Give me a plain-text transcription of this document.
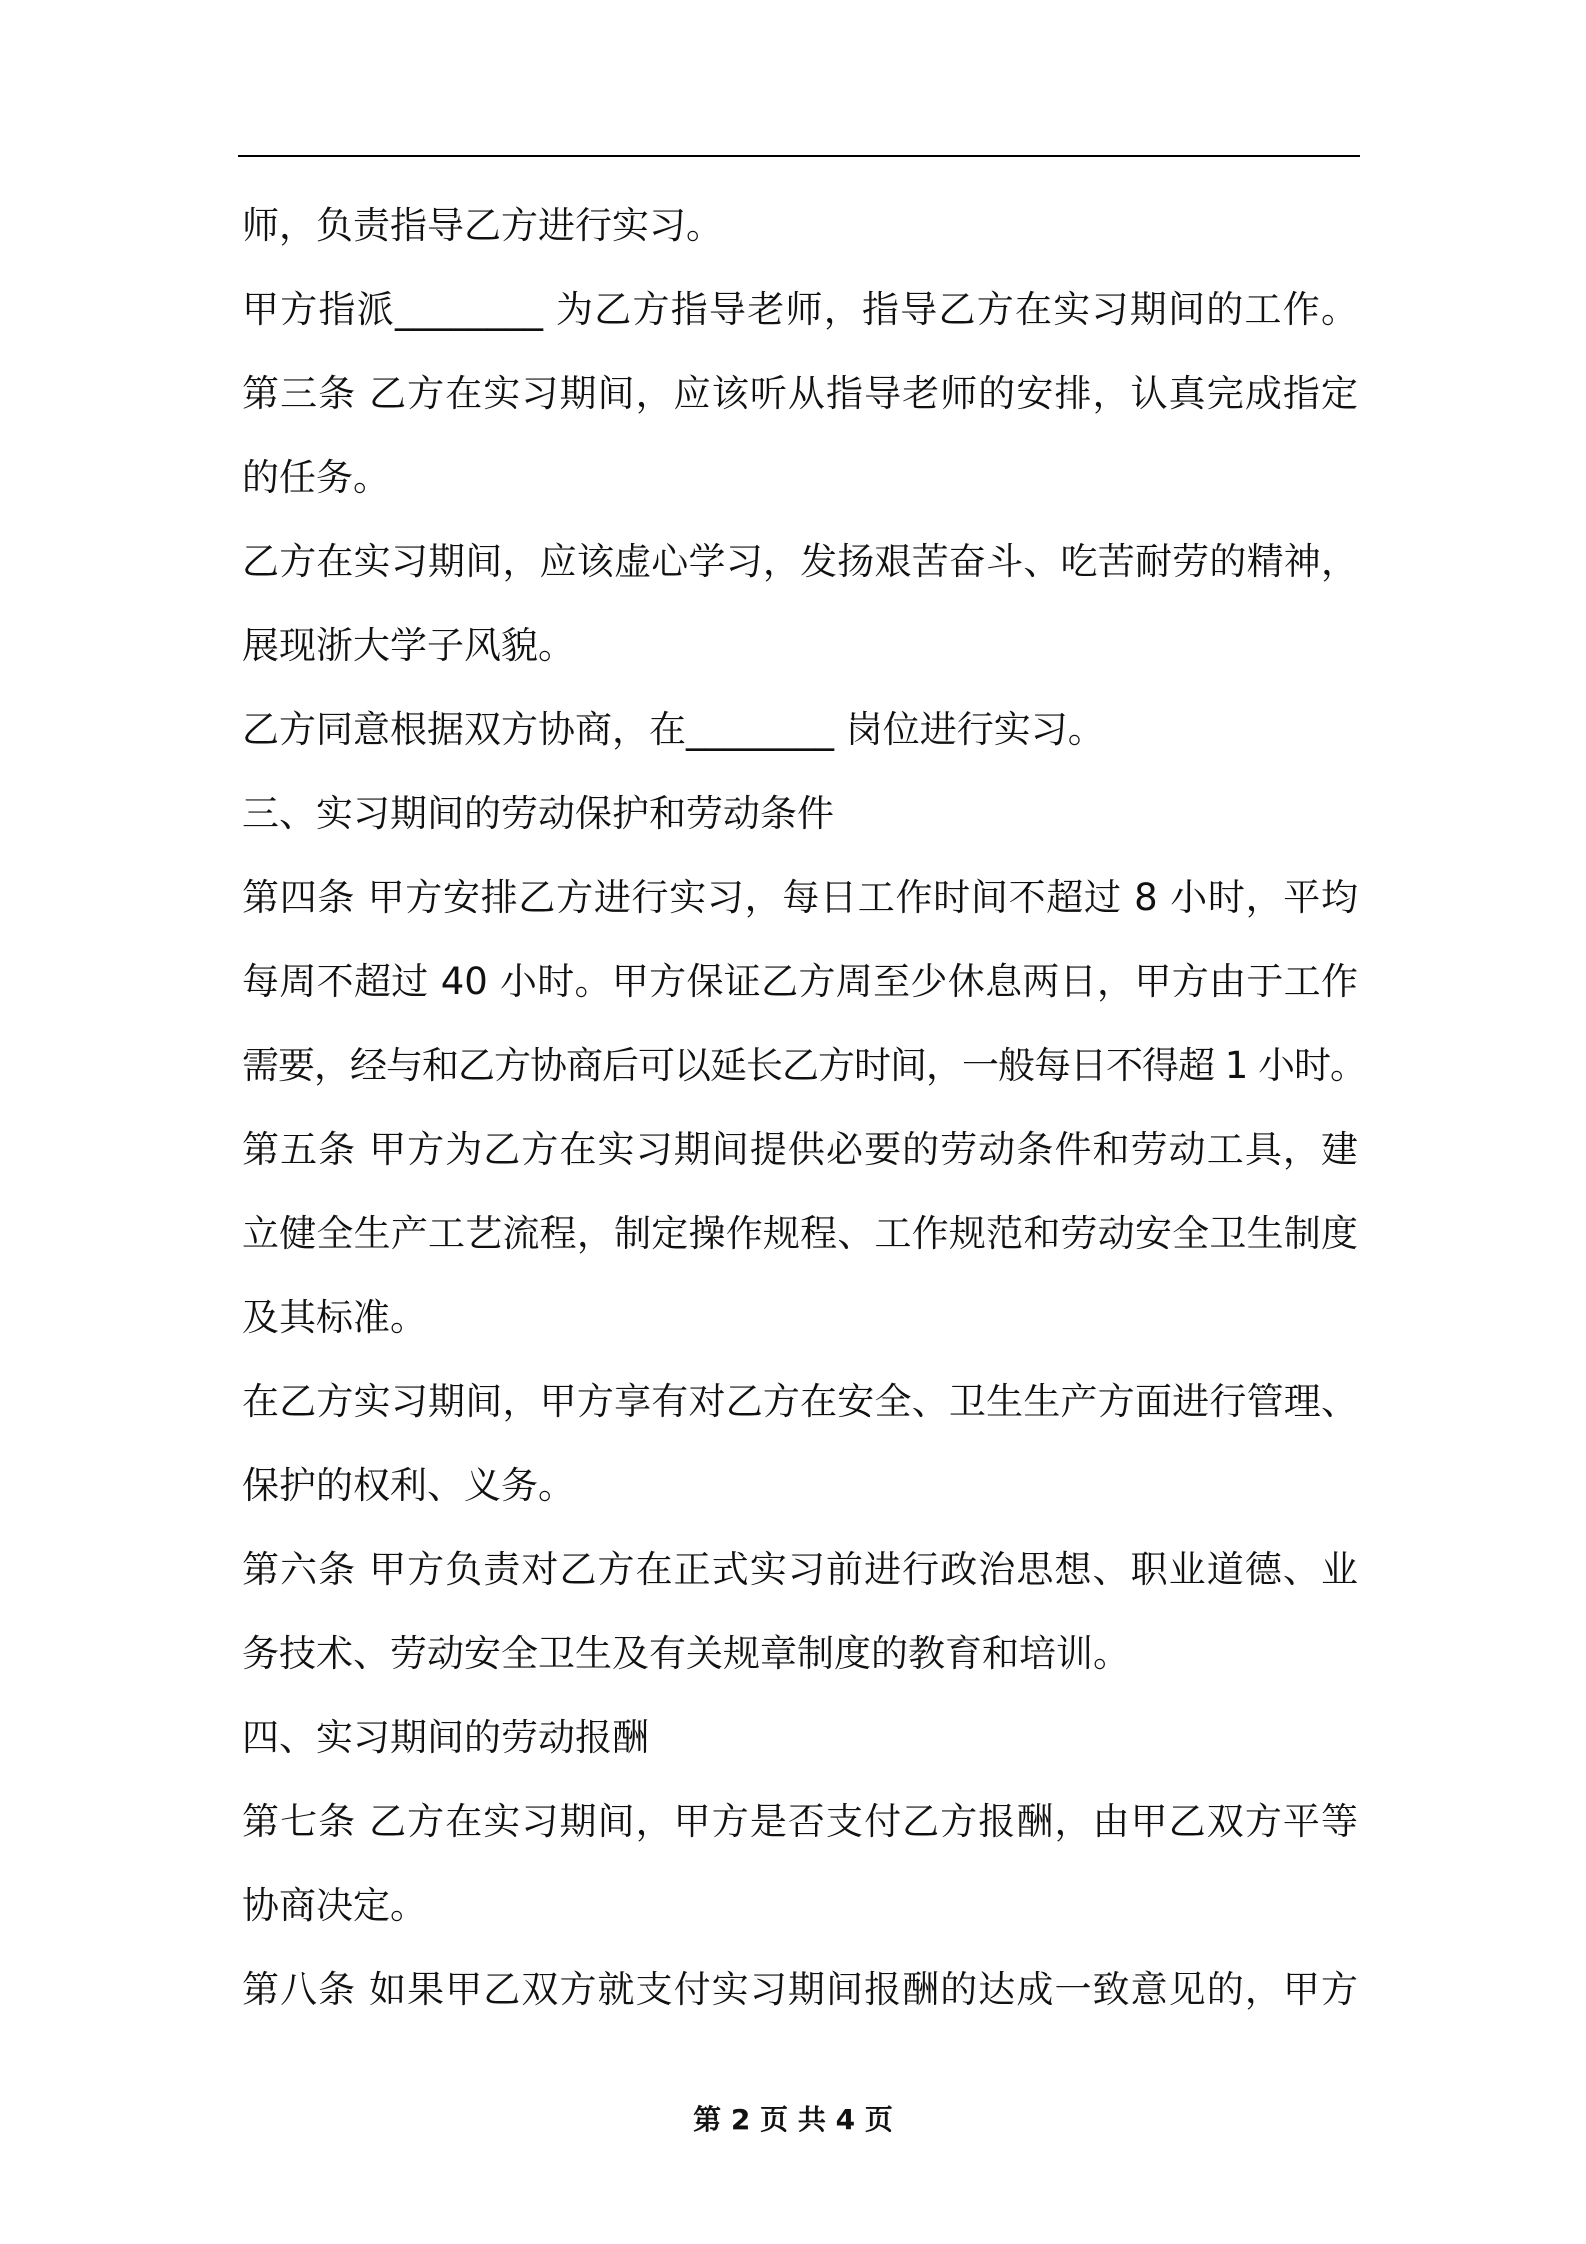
师，负责指导乙方进行实习。
甲方指派________ 为乙方指导老师，指导乙方在实习期间的工作。
第三条 乙方在实习期间，应该听从指导老师的安排，认真完成指定
的任务。
乙方在实习期间，应该虚心学习，发扬艰苦奋斗、吃苦耐劳的精神，
展现浙大学子风貌。
乙方同意根据双方协商，在________ 岗位进行实习。
三、实习期间的劳动保护和劳动条件
第四条 甲方安排乙方进行实习，每日工作时间不超过 8 小时，平均
每周不超过 40 小时。甲方保证乙方周至少休息两日，甲方由于工作
需要，经与和乙方协商后可以延长乙方时间，一般每日不得超 1 小时。
第五条 甲方为乙方在实习期间提供必要的劳动条件和劳动工具，建
立健全生产工艺流程，制定操作规程、工作规范和劳动安全卫生制度
及其标准。
在乙方实习期间，甲方享有对乙方在安全、卫生生产方面进行管理、
保护的权利、义务。
第六条 甲方负责对乙方在正式实习前进行政治思想、职业道德、业
务技术、劳动安全卫生及有关规章制度的教育和培训。
四、实习期间的劳动报酬
第七条 乙方在实习期间，甲方是否支付乙方报酬，由甲乙双方平等
协商决定。
第八条 如果甲乙双方就支付实习期间报酬的达成一致意见的，甲方
第 2 页 共 4 页
